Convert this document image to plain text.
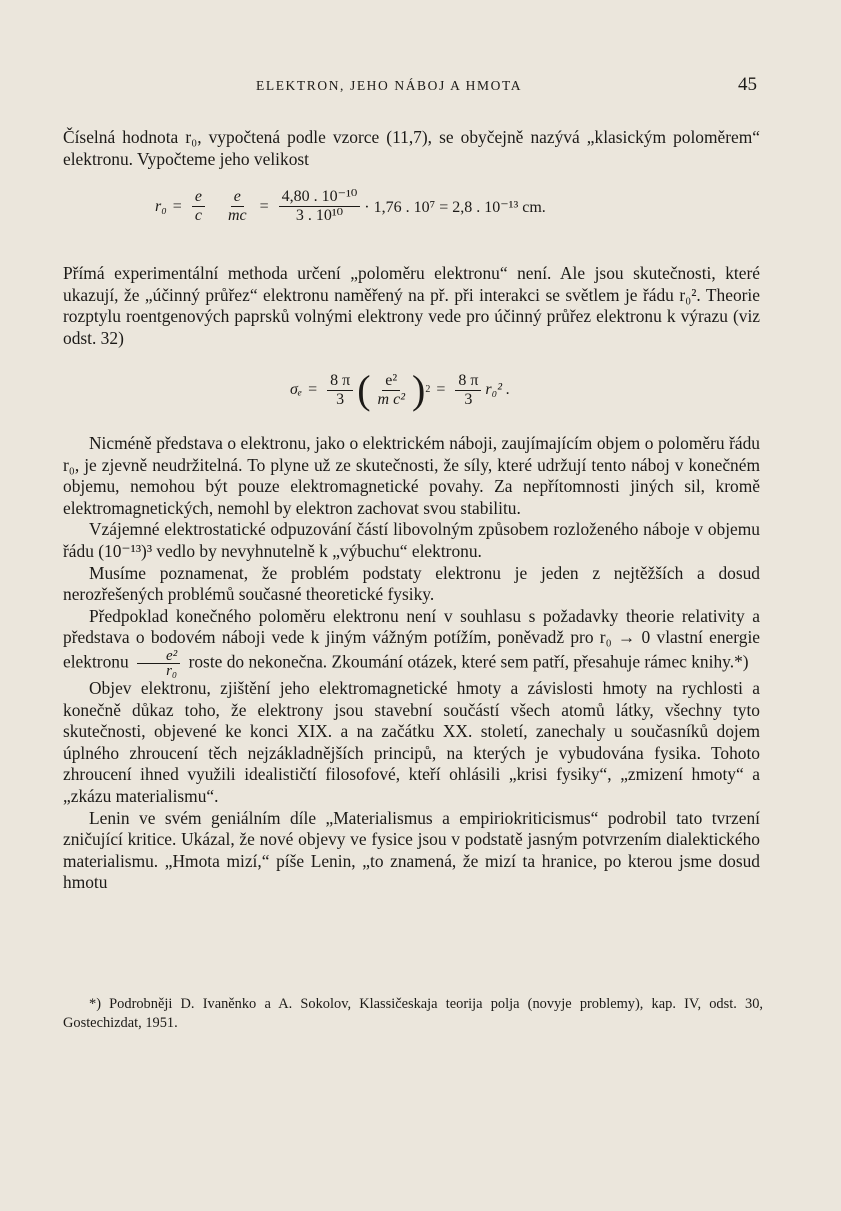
ELEKTRON, JEHO NÁBOJ A HMOTA	45

Číselná hodnota r₀, vypočtená podle vzorce (11,7), se obyčejně nazývá „klasickým poloměrem“ elektronu. Vypočteme jeho velikost

$r_0 = \frac{e}{c} \frac{e}{mc} = \frac{\text{4,80 . 10⁻¹⁰}}{\text{3 . 10¹⁰}} \cdot 1,76$ . 10⁷ = 2,8 . 10⁻¹³ cm.

Přímá experimentální methoda určení „poloměru elektronu“ není. Ale jsou skutečnosti, které ukazují, že „účinný průřez“ elektronu naměřený na př. při interakci se světlem je řádu r₀². Theorie rozptylu roentgenových paprsků volnými elektrony vede pro účinný průřez elektronu k výrazu (viz odst. 32)

$\sigma_e = \frac{8 \pi}{3}$ ( $\frac{\text{e²}}{\text{m c²}}$ ) $2 = \frac{8 \pi}{3} r_0^2$ .

Nicméně představa o elektronu, jako o elektrickém náboji, zaujímajícím objem o poloměru řádu r₀, je zjevně neudržitelná. To plyne už ze skutečnosti, že síly, které udržují tento náboj v konečném objemu, nemohou být pouze elektromagnetické povahy. Za nepřítomnosti jiných sil, kromě elektromagnetických, nemohl by elektron zachovat svou stabilitu.

Vzájemné elektrostatické odpuzování částí libovolným způsobem rozloženého náboje v objemu řádu (10⁻¹³)³ vedlo by nevyhnutelně k „výbuchu“ elektronu.

Musíme poznamenat, že problém podstaty elektronu je jeden z nejtěžších a dosud nerozřešených problémů současné theoretické fysiky.

Předpoklad konečného poloměru elektronu není v souhlasu s požadavky theorie relativity a představa o bodovém náboji vede k jiným vážným potížím, poněvadž pro r₀ → 0 vlastní energie elektronu $\frac{\text{e²}}{\text{r₀}}$ roste do nekonečna. Zkoumání otázek, které sem patří, přesahuje rámec knihy.*)

Objev elektronu, zjištění jeho elektromagnetické hmoty a závislosti hmoty na rychlosti a konečně důkaz toho, že elektrony jsou stavební součástí všech atomů látky, všechny tyto skutečnosti, objevené ke konci XIX. a na začátku XX. století, zanechaly u současníků dojem úplného zhroucení těch nejzákladnějších principů, na kterých je vybudována fysika. Tohoto zhroucení ihned využili idealističtí filosofové, kteří ohlásili „krisi fysiky“, „zmizení hmoty“ a „zkázu materialismu“.

Lenin ve svém geniálním díle „Materialismus a empiriokriticismus“ podrobil tato tvrzení zničující kritice. Ukázal, že nové objevy ve fysice jsou v podstatě jasným potvrzením dialektického materialismu. „Hmota mizí,“ píše Lenin, „to znamená, že mizí ta hranice, po kterou jsme dosud hmotu

*) Podrobněji D. Ivaněnko a A. Sokolov, Klassičeskaja teorija polja (novyje problemy), kap. IV, odst. 30, Gostechizdat, 1951.
